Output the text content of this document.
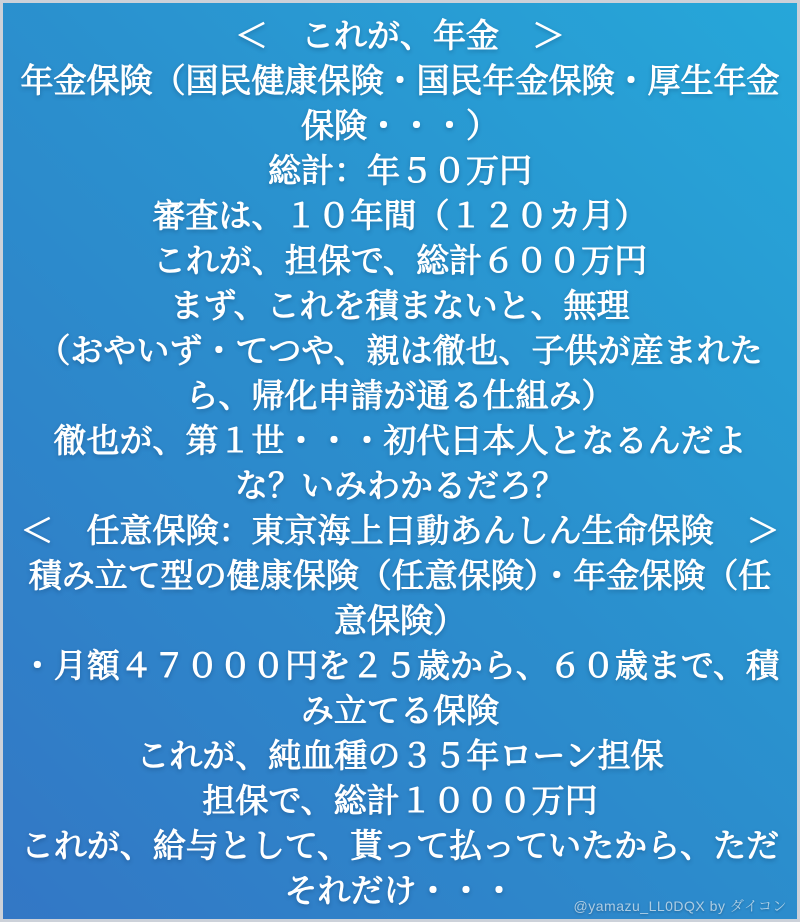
＜　これが、年金　＞
年金保険（国民健康保険・国民年金保険・厚生年金
保険・・・）
総計：年５０万円
審査は、１０年間（１２０カ月）
これが、担保で、総計６００万円
まず、これを積まないと、無理
（おやいず・てつや、親は徹也、子供が産まれた
ら、帰化申請が通る仕組み）
徹也が、第１世・・・初代日本人となるんだよ
な？いみわかるだろ？
＜　任意保険：東京海上日動あんしん生命保険　＞
積み立て型の健康保険（任意保険）・年金保険（任
意保険）
・月額４７０００円を２５歳から、６０歳まで、積
み立てる保険
これが、純血種の３５年ローン担保
担保で、総計１０００万円
これが、給与として、貰って払っていたから、ただ
それだけ・・・	@yamazu_LL0DQX by ダイコン
